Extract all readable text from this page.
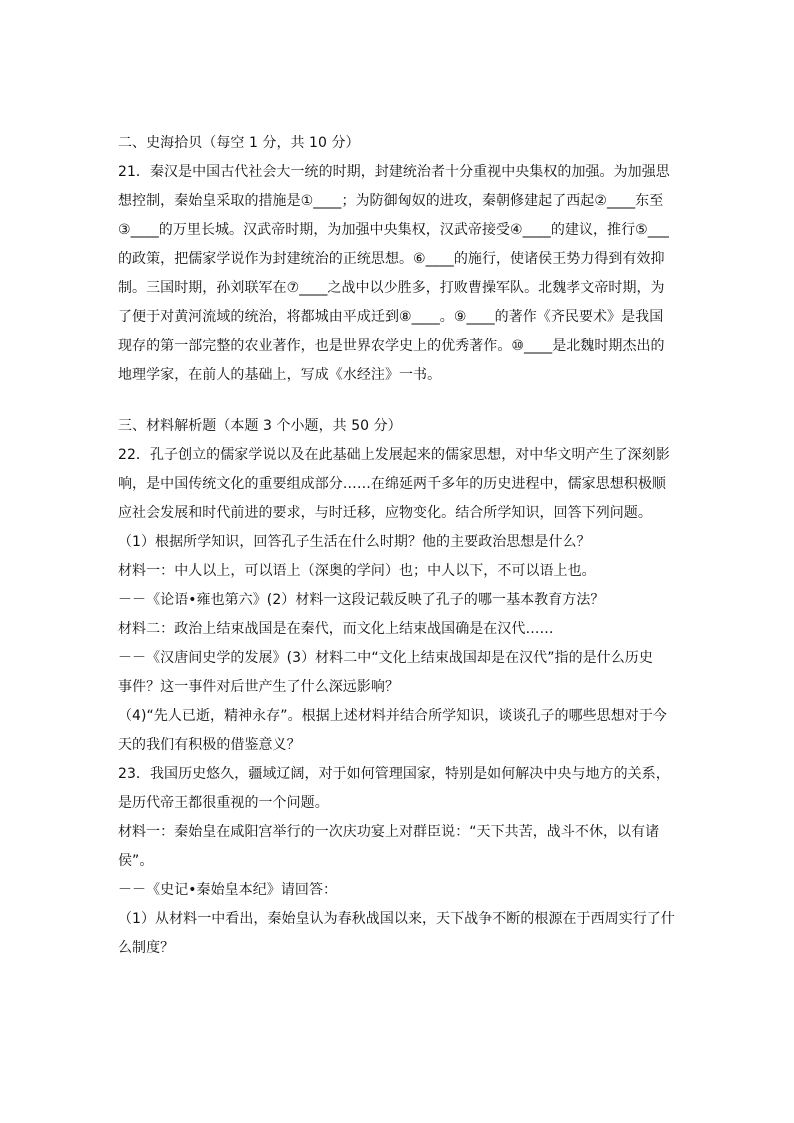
二、史海拾贝（每空 1 分，共 10 分）
21．秦汉是中国古代社会大一统的时期，封建统治者十分重视中央集权的加强。为加强思
想控制，秦始皇采取的措施是①____；为防御匈奴的进攻，秦朝修建起了西起②____东至
③____的万里长城。汉武帝时期，为加强中央集权，汉武帝接受④____的建议，推行⑤___
的政策，把儒家学说作为封建统治的正统思想。⑥____的施行，使诸侯王势力得到有效抑
制。三国时期，孙刘联军在⑦____之战中以少胜多，打败曹操军队。北魏孝文帝时期，为
了便于对黄河流域的统治，将都城由平成迁到⑧____。⑨____的著作《齐民要术》是我国
现存的第一部完整的农业著作，也是世界农学史上的优秀著作。⑩____是北魏时期杰出的
地理学家，在前人的基础上，写成《水经注》一书。
三、材料解析题（本题 3 个小题，共 50 分）
22．孔子创立的儒家学说以及在此基础上发展起来的儒家思想，对中华文明产生了深刻影
响，是中国传统文化的重要组成部分……在绵延两千多年的历史进程中，儒家思想积极顺
应社会发展和时代前进的要求，与时迁移，应物变化。结合所学知识，回答下列问题。
（1）根据所学知识，回答孔子生活在什么时期？他的主要政治思想是什么？
材料一：中人以上，可以语上（深奥的学问）也；中人以下，不可以语上也。
－－《论语•雍也第六》(2）材料一这段记载反映了孔子的哪一基本教育方法？
材料二：政治上结束战国是在秦代，而文化上结束战国确是在汉代……
－－《汉唐间史学的发展》(3）材料二中“文化上结束战国却是在汉代”指的是什么历史
事件？这一事件对后世产生了什么深远影响？
（4)“先人已逝，精神永存”。根据上述材料并结合所学知识，谈谈孔子的哪些思想对于今
天的我们有积极的借鉴意义？
23．我国历史悠久，疆域辽阔，对于如何管理国家，特别是如何解决中央与地方的关系，
是历代帝王都很重视的一个问题。
材料一：秦始皇在咸阳宫举行的一次庆功宴上对群臣说：“天下共苦，战斗不休，以有诸
侯”。
－－《史记•秦始皇本纪》请回答：
（1）从材料一中看出，秦始皇认为春秋战国以来，天下战争不断的根源在于西周实行了什
么制度？
